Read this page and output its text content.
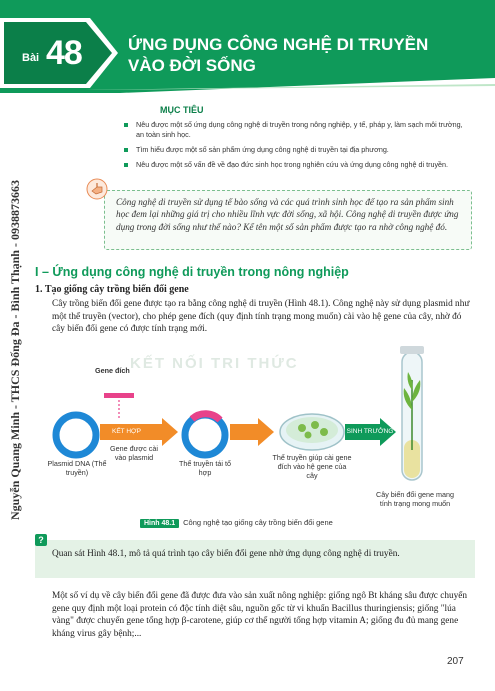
Bài 48	ỨNG DỤNG CÔNG NGHỆ DI TRUYỀN VÀO ĐỜI SỐNG
Nguyễn Quang Minh - THCS Đống Đa - Bình Thạnh - 0938873663
MỤC TIÊU
Nêu được một số ứng dụng công nghệ di truyền trong nông nghiệp, y tế, pháp y, làm sạch môi trường, an toàn sinh học.
Tìm hiểu được một số sản phẩm ứng dụng công nghệ di truyền tại địa phương.
Nêu được một số vấn đề về đạo đức sinh học trong nghiên cứu và ứng dụng công nghệ di truyền.
Công nghệ di truyền sử dụng tế bào sống và các quá trình sinh học để tạo ra sản phẩm sinh học đem lại những giá trị cho nhiều lĩnh vực đời sống, xã hội. Công nghệ di truyền được ứng dụng trong đời sống như thế nào? Kể tên một số sản phẩm được tạo ra nhờ công nghệ đó.
I – Ứng dụng công nghệ di truyền trong nông nghiệp
1. Tạo giống cây trồng biến đổi gene
Cây trồng biến đổi gene được tạo ra bằng công nghệ di truyền (Hình 48.1). Công nghệ này sử dụng plasmid như một thể truyền (vector), cho phép gene đích (quy định tính trạng mong muốn) cài vào hệ gene của cây, nhờ đó cây biến đổi gene có được tính trạng mới.
KẾT NỐI TRI THỨC
Gene đích
KẾT HỢP	SINH TRƯỞNG
Plasmid DNA (Thể truyền)
Gene được cài vào plasmid
Thể truyền tái tổ hợp
Thể truyền giúp cài gene đích vào hệ gene của cây
Cây biến đổi gene mang tính trạng mong muốn
Hình 48.1 Công nghệ tạo giống cây trồng biến đổi gene
?
Quan sát Hình 48.1, mô tả quá trình tạo cây biến đổi gene nhờ ứng dụng công nghệ di truyền.
Một số ví dụ về cây biến đổi gene đã được đưa vào sản xuất nông nghiệp: giống ngô Bt kháng sâu được chuyển gene quy định một loại protein có độc tính diệt sâu, nguồn gốc từ vi khuẩn Bacillus thuringiensis; giống "lúa vàng" được chuyển gene tổng hợp β-carotene, giúp cơ thể người tổng hợp vitamin A; giống đu đủ mang gene kháng virus gây bệnh;...
207
